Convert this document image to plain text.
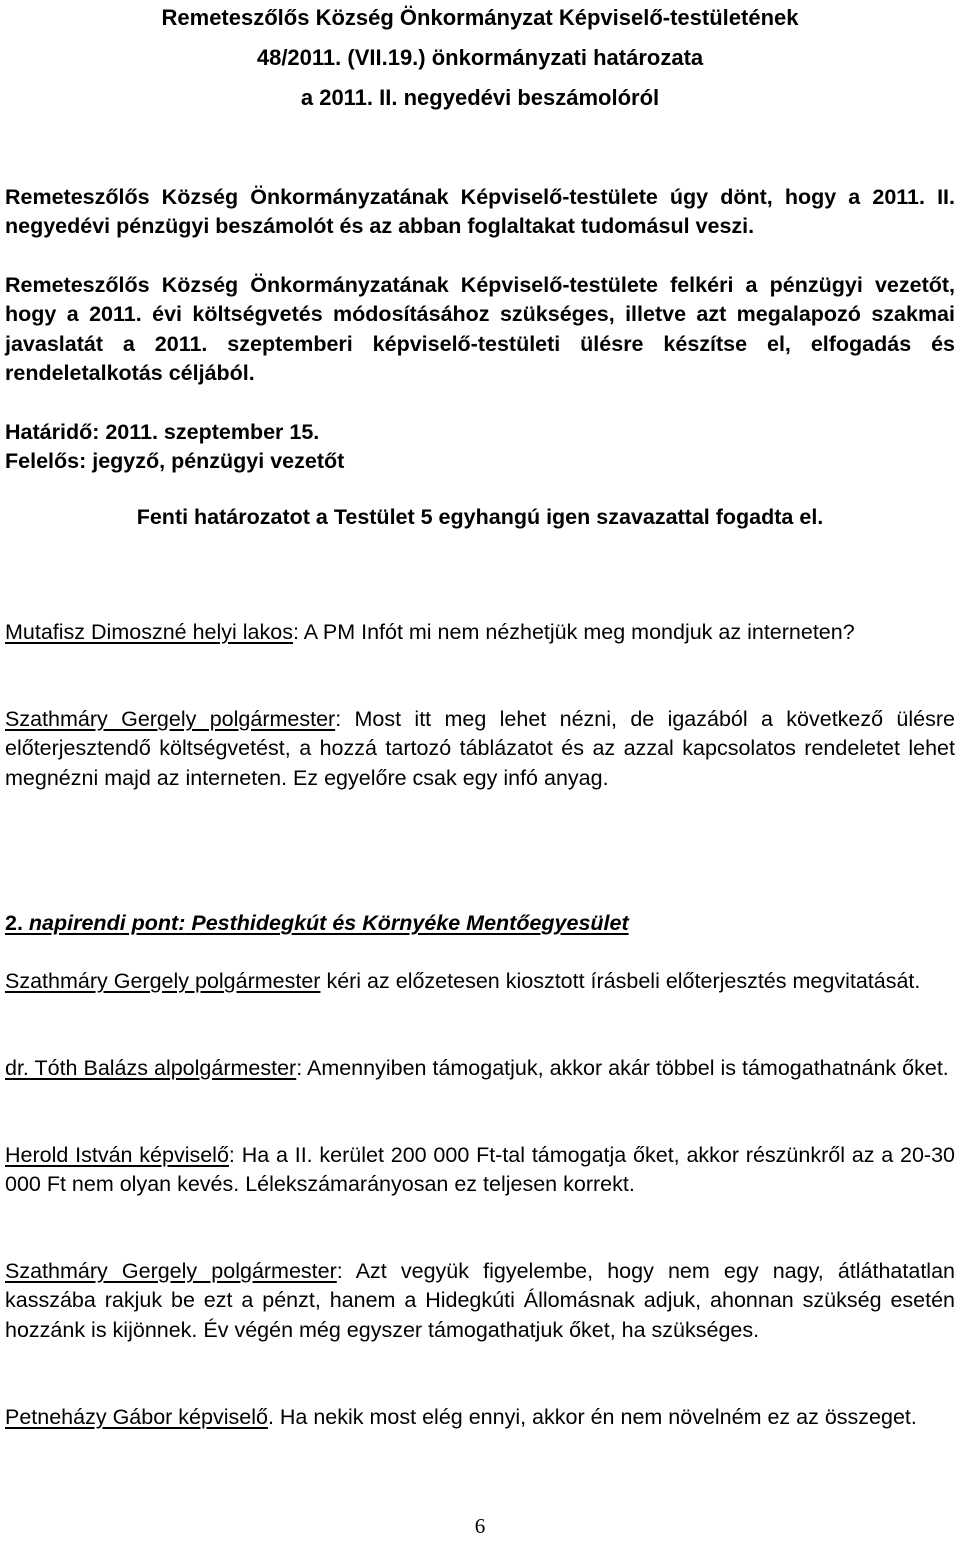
Remeteszőlős Község Önkormányzat Képviselő-testületének
48/2011. (VII.19.) önkormányzati határozata
a 2011. II. negyedévi beszámolóról
Remeteszőlős Község Önkormányzatának Képviselő-testülete úgy dönt, hogy a 2011. II. negyedévi pénzügyi beszámolót és az abban foglaltakat tudomásul veszi.
Remeteszőlős Község Önkormányzatának Képviselő-testülete felkéri a pénzügyi vezetőt, hogy a 2011. évi költségvetés módosításához szükséges, illetve azt megalapozó szakmai javaslatát a 2011. szeptemberi képviselő-testületi ülésre készítse el, elfogadás és rendeletalkotás céljából.
Határidő: 2011. szeptember 15.
Felelős: jegyző, pénzügyi vezetőt
Fenti határozatot a Testület 5 egyhangú igen szavazattal fogadta el.
Mutafisz Dimoszné helyi lakos: A PM Infót mi nem nézhetjük meg mondjuk az interneten?
Szathmáry Gergely polgármester: Most itt meg lehet nézni, de igazából a következő ülésre előterjesztendő költségvetést, a hozzá tartozó táblázatot és az azzal kapcsolatos rendeletet lehet megnézni majd az interneten. Ez egyelőre csak egy infó anyag.
2. napirendi pont: Pesthidegkút és Környéke Mentőegyesület
Szathmáry Gergely polgármester kéri az előzetesen kiosztott írásbeli előterjesztés megvitatását.
dr. Tóth Balázs alpolgármester: Amennyiben támogatjuk, akkor akár többel is támogathatnánk őket.
Herold István képviselő: Ha a II. kerület 200 000 Ft-tal támogatja őket, akkor részünkről az a 20-30 000 Ft nem olyan kevés. Lélekszámarányosan ez teljesen korrekt.
Szathmáry Gergely polgármester: Azt vegyük figyelembe, hogy nem egy nagy, átláthatatlan kasszába rakjuk be ezt a pénzt, hanem a Hidegkúti Állomásnak adjuk, ahonnan szükség esetén hozzánk is kijönnek. Év végén még egyszer támogathatjuk őket, ha szükséges.
Petneházy Gábor képviselő. Ha nekik most elég ennyi, akkor én nem növelném ez az összeget.
6
